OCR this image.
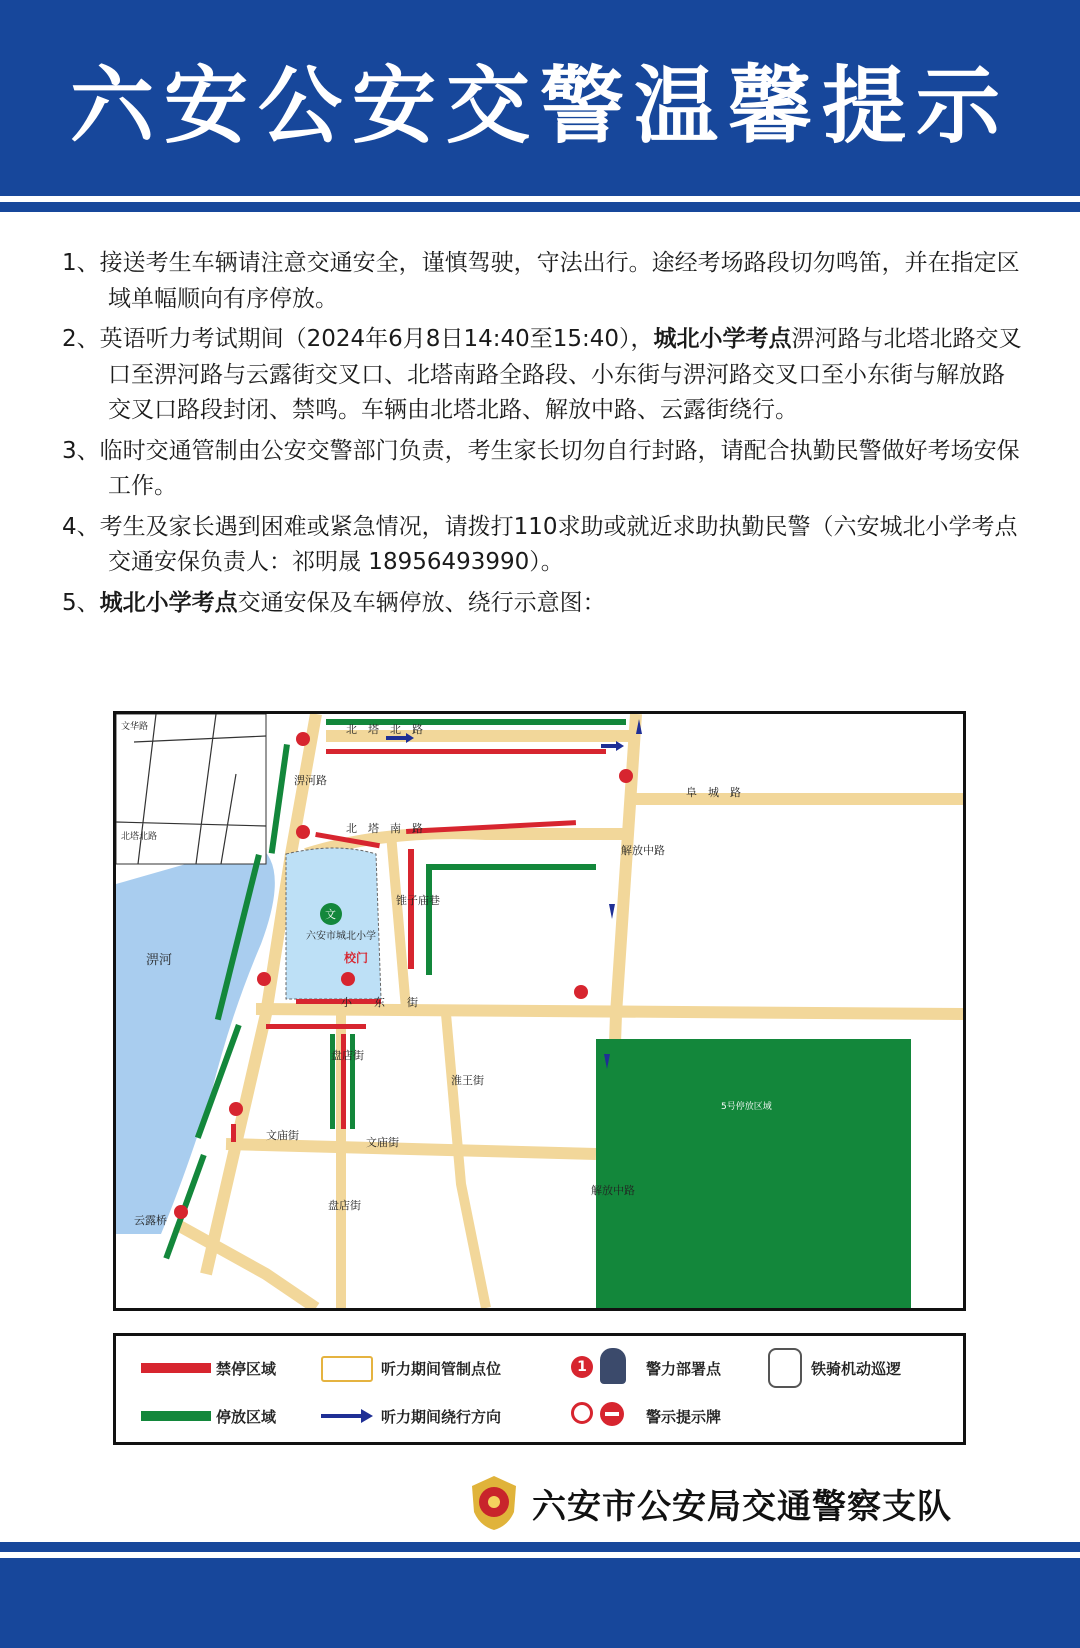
六安公安交警温馨提示
1、接送考生车辆请注意交通安全，谨慎驾驶，守法出行。途经考场路段切勿鸣笛，并在指定区域单幅顺向有序停放。
2、英语听力考试期间（2024年6月8日14:40至15:40），城北小学考点淠河路与北塔北路交叉口至淠河路与云露街交叉口、北塔南路全路段、小东街与淠河路交叉口至小东街与解放路交叉口路段封闭、禁鸣。车辆由北塔北路、解放中路、云露街绕行。
3、临时交通管制由公安交警部门负责，考生家长切勿自行封路，请配合执勤民警做好考场安保工作。
4、考生及家长遇到困难或紧急情况，请拨打110求助或就近求助执勤民警（六安城北小学考点交通安保负责人：祁明晟 18956493990）。
5、城北小学考点交通安保及车辆停放、绕行示意图：
北　塔　北　路
阜　城　路
北　塔　南　路
小　　东　　街
文庙街
文庙街
淠河路
解放中路
解放中路
锥子庙巷
盘店街
盘店街
淮王街
云露桥
淠河
六安市城北小学
文
校门
5号停放区域
文华路
北塔北路
禁停区域
停放区域
听力期间管制点位
听力期间绕行方向
1	警力部署点
警示提示牌
铁骑机动巡逻
六安市公安局交通警察支队
